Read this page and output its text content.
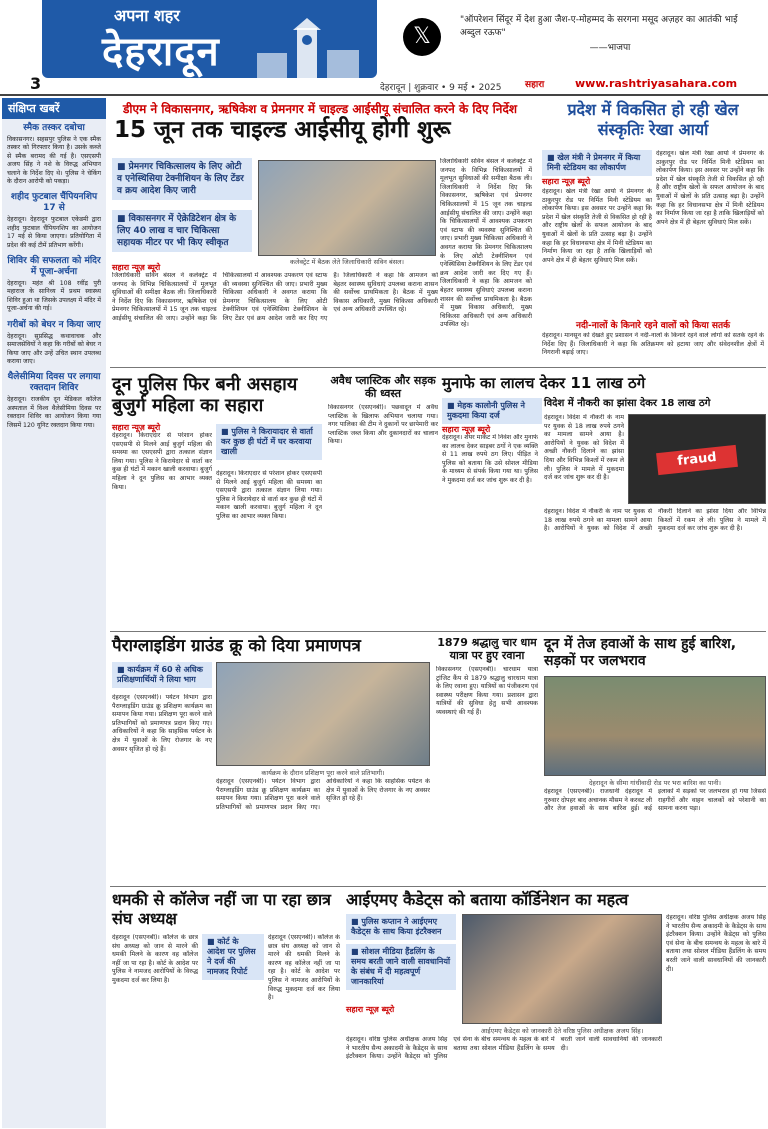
अपना शहर
देहरादून
3
𝕏
"ऑपरेशन सिंदूर में देश हुआ जैश-ए-मोहम्मद के सरगना मसूद अज़हर का आतंकी भाई अब्दुल रऊफ"
——भाजपा
देहरादून | शुक्रवार • 9 मई • 2025	सहारा	www.rashtriyasahara.com
संक्षिप्त खबरें
स्मैक तस्कर दबोचा

विकासनगर। सहसपुर पुलिस ने एक स्मैक तस्कर को गिरफ्तार किया है। उसके कब्जे से स्मैक बरामद की गई है। एसएसपी अजय सिंह ने नशे के विरुद्ध अभियान चलाने के निर्देश दिए थे। पुलिस ने चेकिंग के दौरान आरोपी को पकड़ा।

शहीद फुटबाल चैंपियनशिप 17 से

देहरादून। देहरादून फुटबाल एकेडमी द्वारा शहीद फुटबाल चैंपियनशिप का आयोजन 17 मई से किया जाएगा। प्रतियोगिता में प्रदेश की कई टीमें प्रतिभाग करेंगी।

शिविर की सफलता को मंदिर में पूजा-अर्चना

देहरादून। महंत श्री 108 रवींद्र पुरी महाराज के सानिध्य में प्रथम स्वास्थ्य शिविर हुआ था जिसके उपलक्ष्य में मंदिर में पूजा-अर्चना की गई।

गरीबों को बेघर न किया जाए

देहरादून। सुप्रसिद्ध कथावाचक और समाजसेवियों ने कहा कि गरीबों को बेघर न किया जाए और उन्हें उचित स्थान उपलब्ध कराया जाए।

थैलेसीमिया दिवस पर लगाया रक्तदान शिविर

देहरादून। राजकीय दून मेडिकल कॉलेज अस्पताल में विश्व थैलेसीमिया दिवस पर रक्तदान शिविर का आयोजन किया गया जिसमें 120 यूनिट रक्तदान किया गया।

डीएम ने विकासनगर, ऋषिकेश व प्रेमनगर में चाइल्ड आईसीयू संचालित करने के दिए निर्देश
15 जून तक चाइल्ड आईसीयू होगी शुरू
■ प्रेमनगर चिकित्सालय के लिए ओटी व एनेस्थिसिया टेक्नीशियन के लिए टेंडर व क्रय आदेश किए जारी
■ विकासनगर में ऐक्रेडिटेशन क्षेत्र के लिए 40 लाख व चार चिकित्सा सहायक मीटर पर भी किए स्वीकृत
कलेक्ट्रेट में बैठक लेते जिलाधिकारी सविन बंसल।
सहारा न्यूज़ ब्यूरो
जिलाधिकारी सविन बंसल ने कलेक्ट्रेट में जनपद के विभिन्न चिकित्सालयों में मूलभूत सुविधाओं की समीक्षा बैठक ली। जिलाधिकारी ने निर्देश दिए कि विकासनगर, ऋषिकेश एवं प्रेमनगर चिकित्सालयों में 15 जून तक चाइल्ड आईसीयू संचालित की जाए। उन्होंने कहा कि चिकित्सालयों में आवश्यक उपकरण एवं स्टाफ की व्यवस्था सुनिश्चित की जाए। प्रभारी मुख्य चिकित्सा अधिकारी ने अवगत कराया कि प्रेमनगर चिकित्सालय के लिए ओटी टेक्नीशियन एवं एनेस्थिसिया टेक्नीशियन के लिए टेंडर एवं क्रय आदेश जारी कर दिए गए हैं। जिलाधिकारी ने कहा कि आमजन को बेहतर स्वास्थ्य सुविधाएं उपलब्ध कराना शासन की सर्वोच्च प्राथमिकता है। बैठक में मुख्य विकास अधिकारी, मुख्य चिकित्सा अधिकारी एवं अन्य अधिकारी उपस्थित रहे।
जिलाधिकारी सविन बंसल ने कलेक्ट्रेट में जनपद के विभिन्न चिकित्सालयों में मूलभूत सुविधाओं की समीक्षा बैठक ली। जिलाधिकारी ने निर्देश दिए कि विकासनगर, ऋषिकेश एवं प्रेमनगर चिकित्सालयों में 15 जून तक चाइल्ड आईसीयू संचालित की जाए। उन्होंने कहा कि चिकित्सालयों में आवश्यक उपकरण एवं स्टाफ की व्यवस्था सुनिश्चित की जाए। प्रभारी मुख्य चिकित्सा अधिकारी ने अवगत कराया कि प्रेमनगर चिकित्सालय के लिए ओटी टेक्नीशियन एवं एनेस्थिसिया टेक्नीशियन के लिए टेंडर एवं क्रय आदेश जारी कर दिए गए हैं। जिलाधिकारी ने कहा कि आमजन को बेहतर स्वास्थ्य सुविधाएं उपलब्ध कराना शासन की सर्वोच्च प्राथमिकता है। बैठक में मुख्य विकास अधिकारी, मुख्य चिकित्सा अधिकारी एवं अन्य अधिकारी उपस्थित रहे।
प्रदेश में विकसित हो रही खेल संस्कृतिः रेखा आर्या
■ खेल मंत्री ने प्रेमनगर में किया मिनी स्टेडियम का लोकार्पण
सहारा न्यूज़ ब्यूरो
देहरादून। खेल मंत्री रेखा आर्या ने प्रेमनगर के ठाकुरपुर रोड पर निर्मित मिनी स्टेडियम का लोकार्पण किया। इस अवसर पर उन्होंने कहा कि प्रदेश में खेल संस्कृति तेजी से विकसित हो रही है और राष्ट्रीय खेलों के सफल आयोजन के बाद युवाओं में खेलों के प्रति उत्साह बढ़ा है। उन्होंने कहा कि हर विधानसभा क्षेत्र में मिनी स्टेडियम का निर्माण किया जा रहा है ताकि खिलाड़ियों को अपने क्षेत्र में ही बेहतर सुविधाएं मिल सकें।
देहरादून। खेल मंत्री रेखा आर्या ने प्रेमनगर के ठाकुरपुर रोड पर निर्मित मिनी स्टेडियम का लोकार्पण किया। इस अवसर पर उन्होंने कहा कि प्रदेश में खेल संस्कृति तेजी से विकसित हो रही है और राष्ट्रीय खेलों के सफल आयोजन के बाद युवाओं में खेलों के प्रति उत्साह बढ़ा है। उन्होंने कहा कि हर विधानसभा क्षेत्र में मिनी स्टेडियम का निर्माण किया जा रहा है ताकि खिलाड़ियों को अपने क्षेत्र में ही बेहतर सुविधाएं मिल सकें।
नदी-नालों के किनारे रहने वालों को किया सतर्क
देहरादून। मानसून को देखते हुए प्रशासन ने नदी-नालों के किनारे रहने वाले लोगों को सतर्क रहने के निर्देश दिए हैं। जिलाधिकारी ने कहा कि अतिक्रमण को हटाया जाए और संवेदनशील क्षेत्रों में निगरानी बढ़ाई जाए।
दून पुलिस फिर बनी असहाय बुजुर्ग महिला का सहारा
सहारा न्यूज़ ब्यूरो
देहरादून। किराएदार से परेशान होकर एसएसपी से मिलने आई बुजुर्ग महिला की समस्या का एसएसपी द्वारा तत्काल संज्ञान लिया गया। पुलिस ने किरायेदार से वार्ता कर कुछ ही घंटों में मकान खाली करवाया। बुजुर्ग महिला ने दून पुलिस का आभार व्यक्त किया।
■ पुलिस ने किरायादार से वार्ता कर कुछ ही घंटों में घर करवाया खाली
देहरादून। किराएदार से परेशान होकर एसएसपी से मिलने आई बुजुर्ग महिला की समस्या का एसएसपी द्वारा तत्काल संज्ञान लिया गया। पुलिस ने किरायेदार से वार्ता कर कुछ ही घंटों में मकान खाली करवाया। बुजुर्ग महिला ने दून पुलिस का आभार व्यक्त किया।
अवैध प्लास्टिक और सड़क की ध्वस्त
विकासनगर (एसएनबी)। पछवादून में अवैध प्लास्टिक के खिलाफ अभियान चलाया गया। नगर पालिका की टीम ने दुकानों पर छापेमारी कर प्लास्टिक जब्त किया और दुकानदारों का चालान किया।
मुनाफे का लालच देकर 11 लाख ठगे
■ मेहक कालोनी पुलिस ने मुकदमा किया दर्ज
सहारा न्यूज़ ब्यूरो
देहरादून। शेयर मार्केट में निवेश और मुनाफे का लालच देकर साइबर ठगों ने एक व्यक्ति से 11 लाख रुपये ठग लिए। पीड़ित ने पुलिस को बताया कि उसे सोशल मीडिया के माध्यम से संपर्क किया गया था। पुलिस ने मुकदमा दर्ज कर जांच शुरू कर दी है।
विदेश में नौकरी का झांसा देकर 18 लाख ठगे
देहरादून। विदेश में नौकरी के नाम पर युवक से 18 लाख रुपये ठगने का मामला सामने आया है। आरोपियों ने युवक को विदेश में अच्छी नौकरी दिलाने का झांसा दिया और विभिन्न किश्तों में रकम ले ली। पुलिस ने मामले में मुकदमा दर्ज कर जांच शुरू कर दी है।
fraud
देहरादून। विदेश में नौकरी के नाम पर युवक से 18 लाख रुपये ठगने का मामला सामने आया है। आरोपियों ने युवक को विदेश में अच्छी नौकरी दिलाने का झांसा दिया और विभिन्न किश्तों में रकम ले ली। पुलिस ने मामले में मुकदमा दर्ज कर जांच शुरू कर दी है।
पैराग्लाइडिंग ग्राउंड क्रू को दिया प्रमाणपत्र
■ कार्यक्रम में 60 से अधिक प्रशिक्षणार्थियों ने लिया भाग
देहरादून (एसएनबी)। पर्यटन विभाग द्वारा पैराग्लाइडिंग ग्राउंड क्रू प्रशिक्षण कार्यक्रम का समापन किया गया। प्रशिक्षण पूरा करने वाले प्रतिभागियों को प्रमाणपत्र प्रदान किए गए। अधिकारियों ने कहा कि साहसिक पर्यटन के क्षेत्र में युवाओं के लिए रोजगार के नए अवसर सृजित हो रहे हैं।
कार्यक्रम के दौरान प्रशिक्षण पूरा करने वाले प्रतिभागी।
देहरादून (एसएनबी)। पर्यटन विभाग द्वारा पैराग्लाइडिंग ग्राउंड क्रू प्रशिक्षण कार्यक्रम का समापन किया गया। प्रशिक्षण पूरा करने वाले प्रतिभागियों को प्रमाणपत्र प्रदान किए गए। अधिकारियों ने कहा कि साहसिक पर्यटन के क्षेत्र में युवाओं के लिए रोजगार के नए अवसर सृजित हो रहे हैं।
1879 श्रद्धालु चार धाम यात्रा पर हुए रवाना
विकासनगर (एसएनबी)। चारधाम यात्रा ट्रांजिट कैंप से 1879 श्रद्धालु चारधाम यात्रा के लिए रवाना हुए। यात्रियों का पंजीकरण एवं स्वास्थ्य परीक्षण किया गया। प्रशासन द्वारा यात्रियों की सुविधा हेतु सभी आवश्यक व्यवस्थाएं की गई हैं।
दून में तेज हवाओं के साथ हुई बारिश, सड़कों पर जलभराव
देहरादून के सीमा गांधीवादी रोड पर भरा बारिश का पानी।
देहरादून (एसएनबी)। राजधानी देहरादून में गुरुवार दोपहर बाद अचानक मौसम ने करवट ली और तेज हवाओं के साथ बारिश हुई। कई इलाकों में सड़कों पर जलभराव हो गया जिससे राहगीरों और वाहन चालकों को परेशानी का सामना करना पड़ा।
धमकी से कॉलेज नहीं जा पा रहा छात्र संघ अध्यक्ष
देहरादून (एसएनबी)। कॉलेज के छात्र संघ अध्यक्ष को जान से मारने की धमकी मिलने के कारण वह कॉलेज नहीं जा पा रहा है। कोर्ट के आदेश पर पुलिस ने नामजद आरोपियों के विरुद्ध मुकदमा दर्ज कर लिया है।
■ कोर्ट के आदेश पर पुलिस ने दर्ज की नामजद रिपोर्ट
देहरादून (एसएनबी)। कॉलेज के छात्र संघ अध्यक्ष को जान से मारने की धमकी मिलने के कारण वह कॉलेज नहीं जा पा रहा है। कोर्ट के आदेश पर पुलिस ने नामजद आरोपियों के विरुद्ध मुकदमा दर्ज कर लिया है।
आईएमए कैडेट्स को बताया कॉर्डिनेशन का महत्व
■ पुलिस कप्तान ने आईएमए कैडेट्स के साथ किया इंटरैक्शन
■ सोशल मीडिया हैंडलिंग के समय बरती जाने वाली सावधानियों के संबंध में दी महत्वपूर्ण जानकारियां
सहारा न्यूज़ ब्यूरो
आईएमए कैडेट्स को जानकारी देते वरिष्ठ पुलिस अधीक्षक अजय सिंह।
देहरादून। वरिष्ठ पुलिस अधीक्षक अजय सिंह ने भारतीय सैन्य अकादमी के कैडेट्स के साथ इंटरैक्शन किया। उन्होंने कैडेट्स को पुलिस एवं सेना के बीच समन्वय के महत्व के बारे में बताया तथा सोशल मीडिया हैंडलिंग के समय बरती जाने वाली सावधानियों की जानकारी दी।
देहरादून। वरिष्ठ पुलिस अधीक्षक अजय सिंह ने भारतीय सैन्य अकादमी के कैडेट्स के साथ इंटरैक्शन किया। उन्होंने कैडेट्स को पुलिस एवं सेना के बीच समन्वय के महत्व के बारे में बताया तथा सोशल मीडिया हैंडलिंग के समय बरती जाने वाली सावधानियों की जानकारी दी।
